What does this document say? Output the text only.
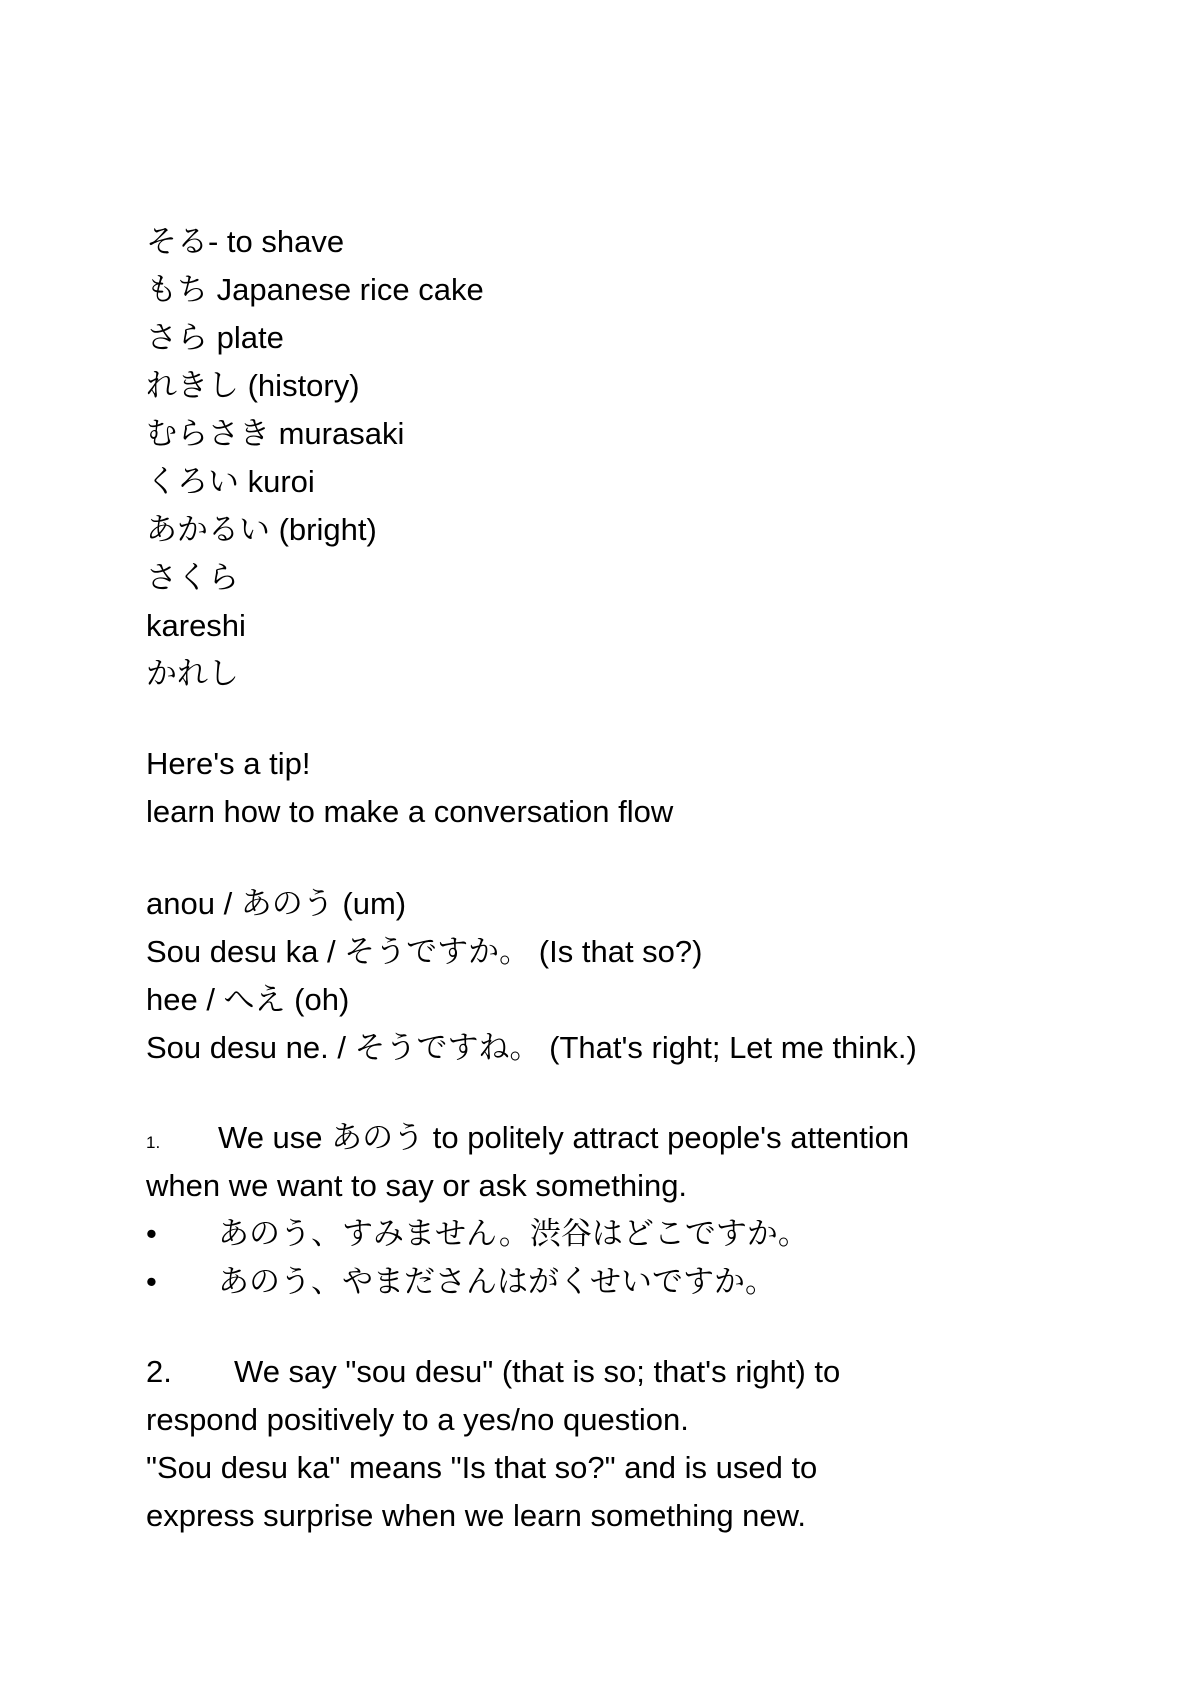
そる- to shave
もち Japanese rice cake
さら plate
れきし (history)
むらさき murasaki
くろい kuroi
あかるい (bright)
さくら
kareshi
かれし
Here's a tip!
learn how to make a conversation flow
anou / あのう (um)
Sou desu ka / そうですか。 (Is that so?)
hee / へえ (oh)
Sou desu ne. / そうですね。 (That's right; Let me think.)
1. We use あのう to politely attract people's attention
when we want to say or ask something.
• あのう、すみません。渋谷はどこですか。
• あのう、やまださんはがくせいですか。
2. We say "sou desu" (that is so; that's right) to
respond positively to a yes/no question.
"Sou desu ka" means "Is that so?" and is used to
express surprise when we learn something new.
